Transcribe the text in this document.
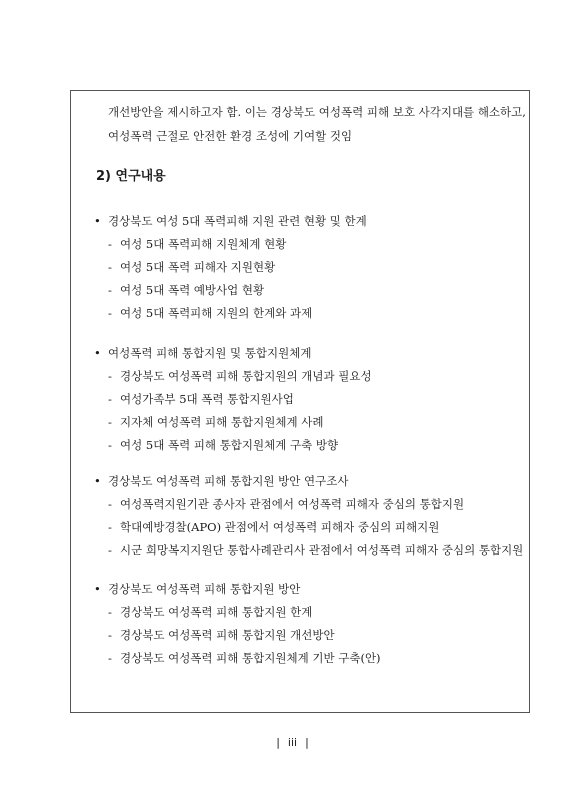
개선방안을 제시하고자 함. 이는 경상북도 여성폭력 피해 보호 사각지대를 해소하고,
여성폭력 근절로 안전한 환경 조성에 기여할 것임
2) 연구내용
• 경상북도 여성 5대 폭력피해 지원 관련 현황 및 한계
- 여성 5대 폭력피해 지원체계 현황
- 여성 5대 폭력 피해자 지원현황
- 여성 5대 폭력 예방사업 현황
- 여성 5대 폭력피해 지원의 한계와 과제
• 여성폭력 피해 통합지원 및 통합지원체계
- 경상북도 여성폭력 피해 통합지원의 개념과 필요성
- 여성가족부 5대 폭력 통합지원사업
- 지자체 여성폭력 피해 통합지원체계 사례
- 여성 5대 폭력 피해 통합지원체계 구축 방향
• 경상북도 여성폭력 피해 통합지원 방안 연구조사
- 여성폭력지원기관 종사자 관점에서 여성폭력 피해자 중심의 통합지원
- 학대예방경찰(APO) 관점에서 여성폭력 피해자 중심의 피해지원
- 시군 희망복지지원단 통합사례관리사 관점에서 여성폭력 피해자 중심의 통합지원
• 경상북도 여성폭력 피해 통합지원 방안
- 경상북도 여성폭력 피해 통합지원 한계
- 경상북도 여성폭력 피해 통합지원 개선방안
- 경상북도 여성폭력 피해 통합지원체계 기반 구축(안)
| iii |
